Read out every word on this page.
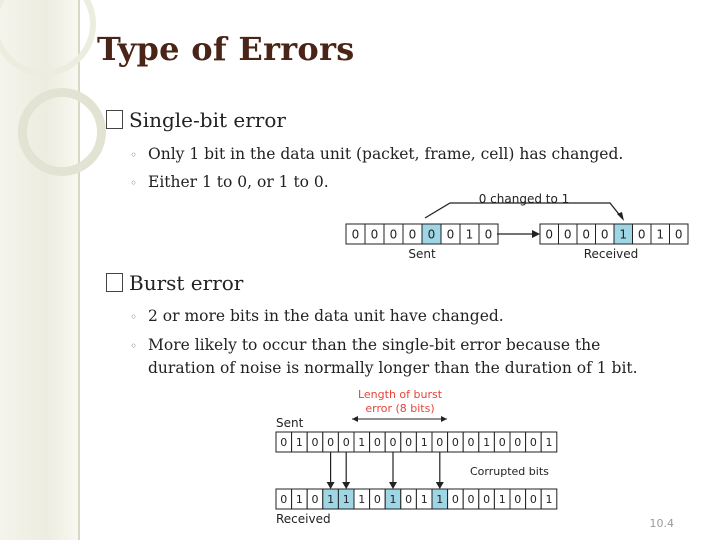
Type of Errors
Single-bit error
◦ Only 1 bit in the data unit (packet, frame, cell) has changed.
◦ Either 1 to 0, or 1 to 0.
Burst error
◦ 2 or more bits in the data unit have changed.
◦ More likely to occur than the single-bit error because the
duration of noise is normally longer than the duration of 1 bit.
0 changed to 1
0 0 0 0 0 0 1 0	0 0 0 0 1 0 1 0
Sent	Received
Length of burst
error (8 bits)
Sent
0 1 0 0 0 1 0 0 0 1 0 0 0 1 0 0 0 1
Corrupted bits
0 1 0 1 1 1 0 1 0 1 1 0 0 0 1 0 0 1
Received	10.4
